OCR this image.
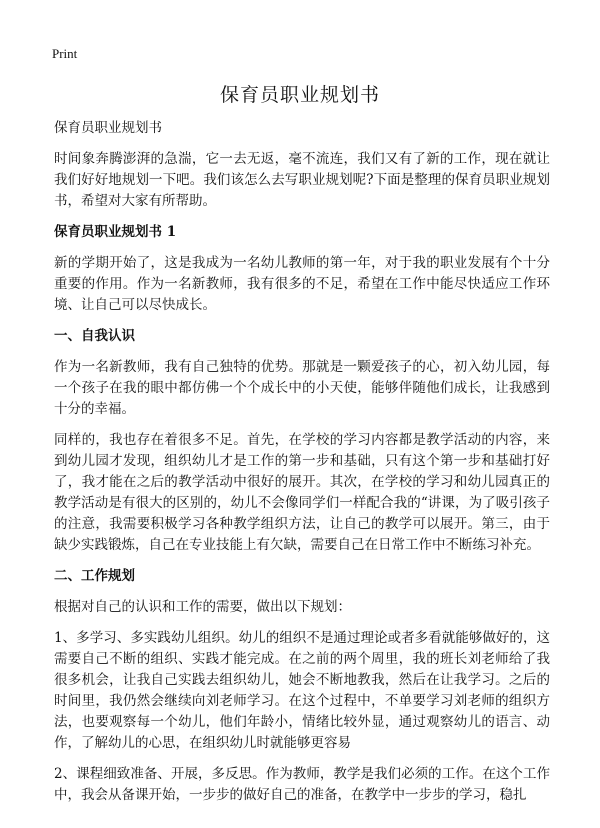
Print
保育员职业规划书

保育员职业规划书

时间象奔腾澎湃的急湍，它一去无返，毫不流连，我们又有了新的工作，现在就让我们好好地规划一下吧。我们该怎么去写职业规划呢?下面是整理的保育员职业规划书，希望对大家有所帮助。

保育员职业规划书 1

新的学期开始了，这是我成为一名幼儿教师的第一年，对于我的职业发展有个十分重要的作用。作为一名新教师，我有很多的不足，希望在工作中能尽快适应工作环境、让自己可以尽快成长。

一、自我认识

作为一名新教师，我有自己独特的优势。那就是一颗爱孩子的心，初入幼儿园，每一个孩子在我的眼中都仿佛一个个成长中的小天使，能够伴随他们成长，让我感到十分的幸福。

同样的，我也存在着很多不足。首先，在学校的学习内容都是教学活动的内容，来到幼儿园才发现，组织幼儿才是工作的第一步和基础，只有这个第一步和基础打好了，我才能在之后的教学活动中很好的展开。其次，在学校的学习和幼儿园真正的教学活动是有很大的区别的，幼儿不会像同学们一样配合我的“讲课，为了吸引孩子的注意，我需要积极学习各种教学组织方法，让自己的教学可以展开。第三，由于缺少实践锻炼，自己在专业技能上有欠缺，需要自己在日常工作中不断练习补充。

二、工作规划

根据对自己的认识和工作的需要，做出以下规划：

1、多学习、多实践幼儿组织。幼儿的组织不是通过理论或者多看就能够做好的，这需要自己不断的组织、实践才能完成。在之前的两个周里，我的班长刘老师给了我很多机会，让我自己实践去组织幼儿，她会不断地教我，然后在让我学习。之后的时间里，我仍然会继续向刘老师学习。在这个过程中，不单要学习刘老师的组织方法，也要观察每一个幼儿，他们年龄小，情绪比较外显，通过观察幼儿的语言、动作，了解幼儿的心思，在组织幼儿时就能够更容易

2、课程细致准备、开展，多反思。作为教师，教学是我们必须的工作。在这个工作中，我会从备课开始，一步步的做好自己的准备，在教学中一步步的学习，稳扎
